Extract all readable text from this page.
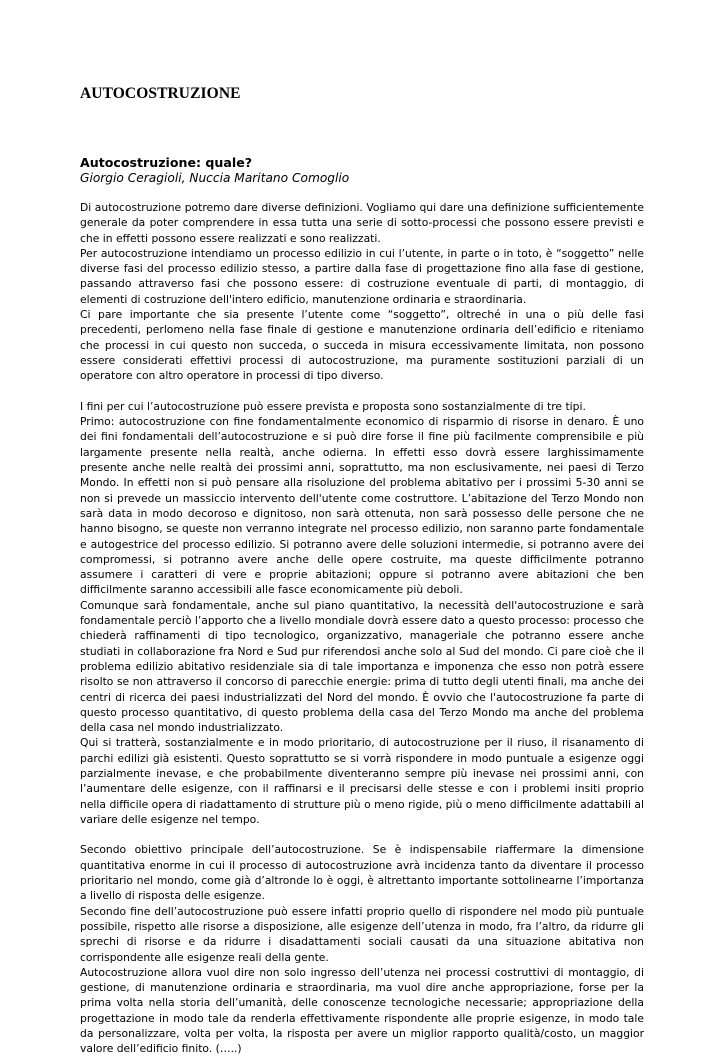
AUTOCOSTRUZIONE
Autocostruzione: quale?
Giorgio Ceragioli, Nuccia Maritano Comoglio

Di autocostruzione potremo dare diverse definizioni. Vogliamo qui dare una definizione sufficientemente generale da poter comprendere in essa tutta una serie di sotto-processi che possono essere previsti e che in effetti possono essere realizzati e sono realizzati.

Per autocostruzione intendiamo un processo edilizio in cui l’utente, in parte o in toto, è “soggetto” nelle diverse fasi del processo edilizio stesso, a partire dalla fase di progettazione fino alla fase di gestione, passando attraverso fasi che possono essere: di costruzione eventuale di parti, di montaggio, di elementi di costruzione dell'intero edificio, manutenzione ordinaria e straordinaria.

Ci pare importante che sia presente l’utente come “soggetto”, oltreché in una o più delle fasi precedenti, perlomeno nella fase finale di gestione e manutenzione ordinaria dell’edificio e riteniamo che processi in cui questo non succeda, o succeda in misura eccessivamente limitata, non possono essere considerati effettivi processi di autocostruzione, ma puramente sostituzioni parziali di un operatore con altro operatore in processi di tipo diverso.

I fini per cui l’autocostruzione può essere prevista e proposta sono sostanzialmente di tre tipi.

Primo: autocostruzione con fine fondamentalmente economico di risparmio di risorse in denaro. È uno dei fini fondamentali dell’autocostruzione e si può dire forse il fine più facilmente comprensibile e più largamente presente nella realtà, anche odierna. In effetti esso dovrà essere larghissimamente presente anche nelle realtà dei prossimi anni, soprattutto, ma non esclusivamente, nei paesi di Terzo Mondo. In effetti non si può pensare alla risoluzione del problema abitativo per i prossimi 5-30 anni se non si prevede un massiccio intervento dell'utente come costruttore. L’abitazione del Terzo Mondo non sarà data in modo decoroso e dignitoso, non sarà ottenuta, non sarà possesso delle persone che ne hanno bisogno, se queste non verranno integrate nel processo edilizio, non saranno parte fondamentale e autogestrice del processo edilizio. Si potranno avere delle soluzioni intermedie, si potranno avere dei compromessi, si potranno avere anche delle opere costruite, ma queste difficilmente potranno assumere i caratteri di vere e proprie abitazioni; oppure si potranno avere abitazioni che ben difficilmente saranno accessibili alle fasce economicamente più deboli.

Comunque sarà fondamentale, anche sul piano quantitativo, la necessità dell'autocostruzione e sarà fondamentale perciò l’apporto che a livello mondiale dovrà essere dato a questo processo: processo che chiederà raffinamenti di tipo tecnologico, organizzativo, manageriale che potranno essere anche studiati in collaborazione fra Nord e Sud pur riferendosi anche solo al Sud del mondo. Ci pare cioè che il problema edilizio abitativo residenziale sia di tale importanza e imponenza che esso non potrà essere risolto se non attraverso il concorso di parecchie energie: prima di tutto degli utenti finali, ma anche dei centri di ricerca dei paesi industrializzati del Nord del mondo. È ovvio che l'autocostruzione fa parte di questo processo quantitativo, di questo problema della casa del Terzo Mondo ma anche del problema della casa nel mondo industrializzato.

Qui si tratterà, sostanzialmente e in modo prioritario, di autocostruzione per il riuso, il risanamento di parchi edilizi già esistenti. Questo soprattutto se si vorrà rispondere in modo puntuale a esigenze oggi parzialmente inevase, e che probabilmente diventeranno sempre più inevase nei prossimi anni, con l’aumentare delle esigenze, con il raffinarsi e il precisarsi delle stesse e con i problemi insiti proprio nella difficile opera di riadattamento di strutture più o meno rigide, più o meno difficilmente adattabili al variare delle esigenze nel tempo.

Secondo obiettivo principale dell’autocostruzione. Se è indispensabile riaffermare la dimensione quantitativa enorme in cui il processo di autocostruzione avrà incidenza tanto da diventare il processo prioritario nel mondo, come già d’altronde lo è oggi, è altrettanto importante sottolinearne l’importanza a livello di risposta delle esigenze.

Secondo fine dell’autocostruzione può essere infatti proprio quello di rispondere nel modo più puntuale possibile, rispetto alle risorse a disposizione, alle esigenze dell’utenza in modo, fra l’altro, da ridurre gli sprechi di risorse e da ridurre i disadattamenti sociali causati da una situazione abitativa non corrispondente alle esigenze reali della gente.

Autocostruzione allora vuol dire non solo ingresso dell’utenza nei processi costruttivi di montaggio, di gestione, di manutenzione ordinaria e straordinaria, ma vuol dire anche appropriazione, forse per la prima volta nella storia dell’umanità, delle conoscenze tecnologiche necessarie; appropriazione della progettazione in modo tale da renderla effettivamente rispondente alle proprie esigenze, in modo tale da personalizzare, volta per volta, la risposta per avere un miglior rapporto qualità/costo, un maggior valore dell’edificio finito. (…..)
